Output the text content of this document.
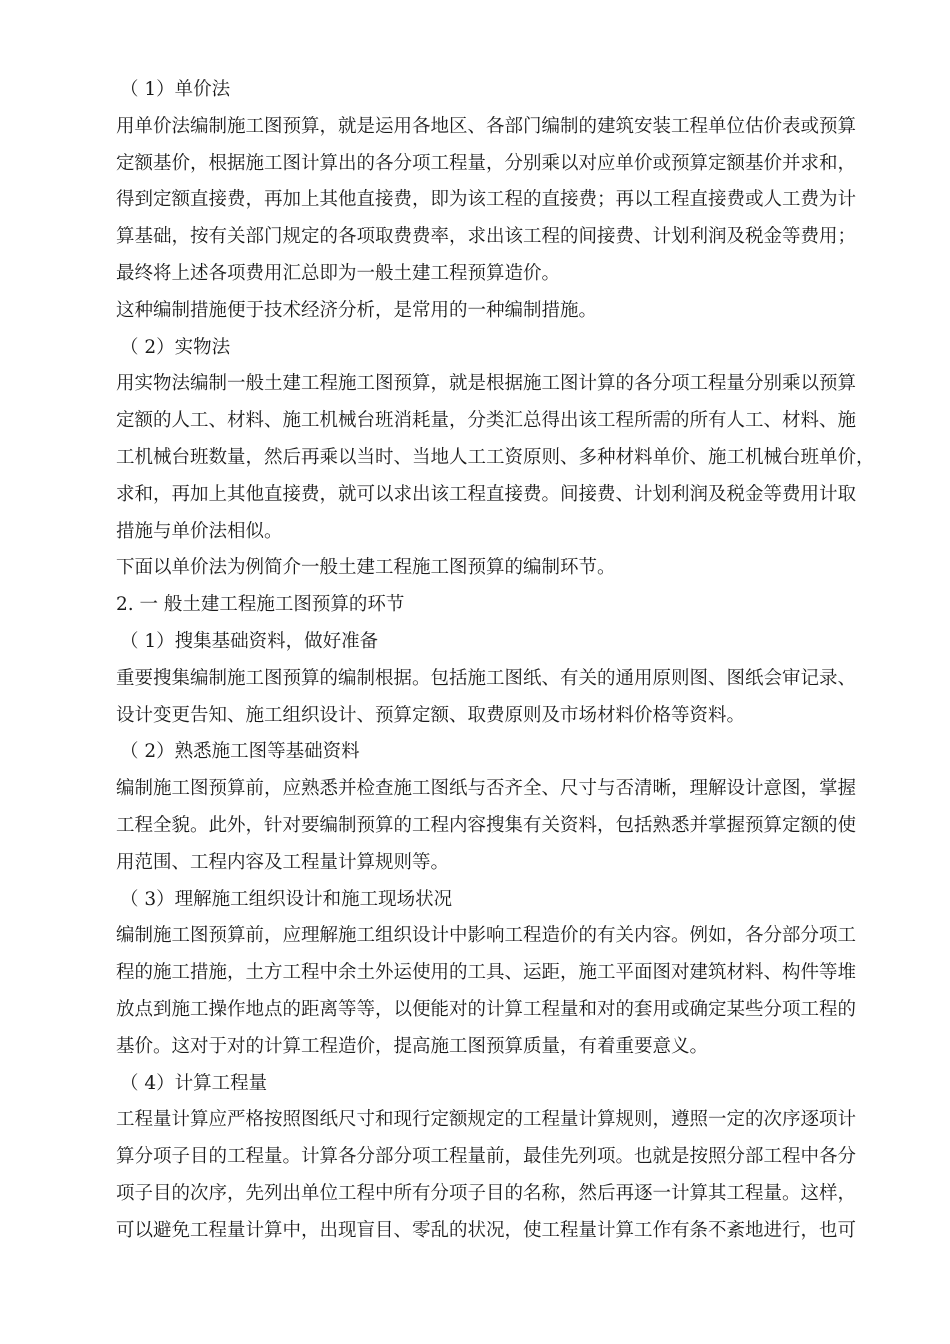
（ 1）单价法
用单价法编制施工图预算，就是运用各地区、各部门编制的建筑安装工程单位估价表或预算
定额基价，根据施工图计算出的各分项工程量，分别乘以对应单价或预算定额基价并求和，
得到定额直接费，再加上其他直接费，即为该工程的直接费；再以工程直接费或人工费为计
算基础，按有关部门规定的各项取费费率，求出该工程的间接费、计划利润及税金等费用；
最终将上述各项费用汇总即为一般土建工程预算造价。
这种编制措施便于技术经济分析，是常用的一种编制措施。
（ 2）实物法
用实物法编制一般土建工程施工图预算，就是根据施工图计算的各分项工程量分别乘以预算
定额的人工、材料、施工机械台班消耗量，分类汇总得出该工程所需的所有人工、材料、施
工机械台班数量，然后再乘以当时、当地人工工资原则、多种材料单价、施工机械台班单价，
求和，再加上其他直接费，就可以求出该工程直接费。间接费、计划利润及税金等费用计取
措施与单价法相似。
下面以单价法为例简介一般土建工程施工图预算的编制环节。
2. 一 般土建工程施工图预算的环节
（ 1）搜集基础资料，做好准备
重要搜集编制施工图预算的编制根据。包括施工图纸、有关的通用原则图、图纸会审记录、
设计变更告知、施工组织设计、预算定额、取费原则及市场材料价格等资料。
（ 2）熟悉施工图等基础资料
编制施工图预算前，应熟悉并检查施工图纸与否齐全、尺寸与否清晰，理解设计意图，掌握
工程全貌。此外，针对要编制预算的工程内容搜集有关资料，包括熟悉并掌握预算定额的使
用范围、工程内容及工程量计算规则等。
（ 3）理解施工组织设计和施工现场状况
编制施工图预算前，应理解施工组织设计中影响工程造价的有关内容。例如，各分部分项工
程的施工措施，土方工程中余土外运使用的工具、运距，施工平面图对建筑材料、构件等堆
放点到施工操作地点的距离等等，以便能对的计算工程量和对的套用或确定某些分项工程的
基价。这对于对的计算工程造价，提高施工图预算质量，有着重要意义。
（ 4）计算工程量
工程量计算应严格按照图纸尺寸和现行定额规定的工程量计算规则，遵照一定的次序逐项计
算分项子目的工程量。计算各分部分项工程量前，最佳先列项。也就是按照分部工程中各分
项子目的次序，先列出单位工程中所有分项子目的名称，然后再逐一计算其工程量。这样，
可以避免工程量计算中，出现盲目、零乱的状况，使工程量计算工作有条不紊地进行，也可
